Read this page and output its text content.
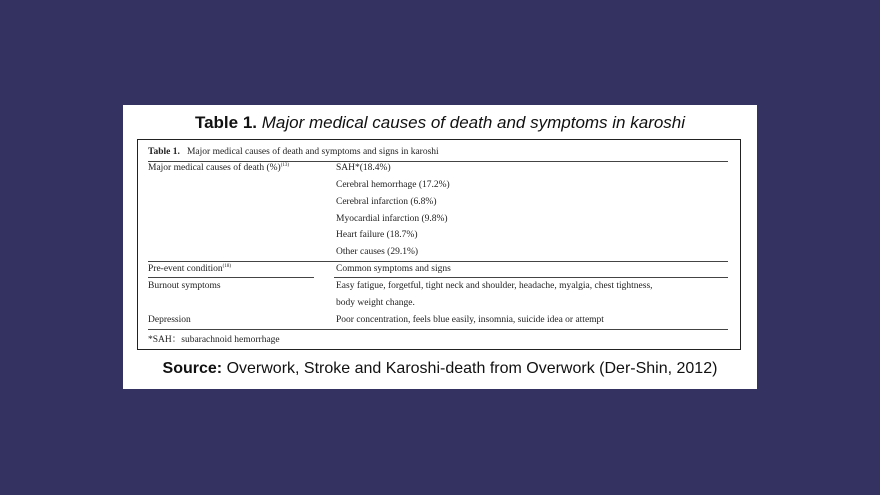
Table 1. Major medical causes of death and symptoms in karoshi
Table 1. Major medical causes of death and symptoms and signs in karoshi
Major medical causes of death (%)$^{(13)}$	SAH*(18.4%)
Cerebral hemorrhage (17.2%)
Cerebral infarction (6.8%)
Myocardial infarction (9.8%)
Heart failure (18.7%)
Other causes (29.1%)
Pre-event condition$^{(18)}$	Common symptoms and signs
Burnout symptoms	Easy fatigue, forgetful, tight neck and shoulder, headache, myalgia, chest tightness,
body weight change.
Depression	Poor concentration, feels blue easily, insomnia, suicide idea or attempt
*SAH：subarachnoid hemorrhage
Source: Overwork, Stroke and Karoshi-death from Overwork (Der-Shin, 2012)
